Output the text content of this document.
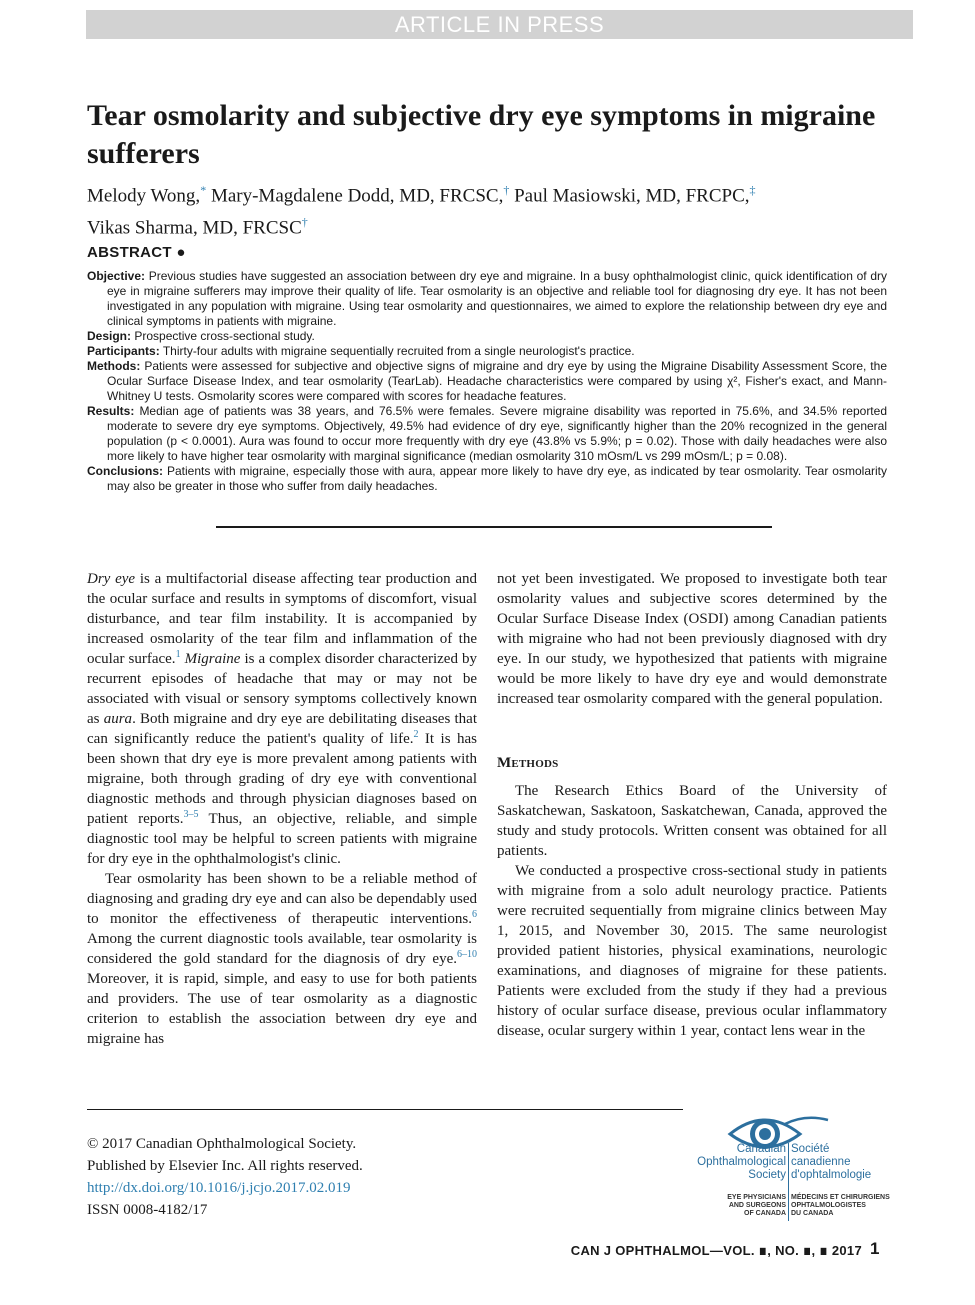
ARTICLE IN PRESS
Tear osmolarity and subjective dry eye symptoms in migraine sufferers
Melody Wong,* Mary-Magdalene Dodd, MD, FRCSC,† Paul Masiowski, MD, FRCPC,‡
Vikas Sharma, MD, FRCSC†
ABSTRACT ●

Objective: Previous studies have suggested an association between dry eye and migraine. In a busy ophthalmologist clinic, quick identification of dry eye in migraine sufferers may improve their quality of life. Tear osmolarity is an objective and reliable tool for diagnosing dry eye. It has not been investigated in any population with migraine. Using tear osmolarity and questionnaires, we aimed to explore the relationship between dry eye and clinical symptoms in patients with migraine.

Design: Prospective cross-sectional study.

Participants: Thirty-four adults with migraine sequentially recruited from a single neurologist's practice.

Methods: Patients were assessed for subjective and objective signs of migraine and dry eye by using the Migraine Disability Assessment Score, the Ocular Surface Disease Index, and tear osmolarity (TearLab). Headache characteristics were compared by using χ², Fisher's exact, and Mann-Whitney U tests. Osmolarity scores were compared with scores for headache features.

Results: Median age of patients was 38 years, and 76.5% were females. Severe migraine disability was reported in 75.6%, and 34.5% reported moderate to severe dry eye symptoms. Objectively, 49.5% had evidence of dry eye, significantly higher than the 20% recognized in the general population (p < 0.0001). Aura was found to occur more frequently with dry eye (43.8% vs 5.9%; p = 0.02). Those with daily headaches were also more likely to have higher tear osmolarity with marginal significance (median osmolarity 310 mOsm/L vs 299 mOsm/L; p = 0.08).

Conclusions: Patients with migraine, especially those with aura, appear more likely to have dry eye, as indicated by tear osmolarity. Tear osmolarity may also be greater in those who suffer from daily headaches.

Dry eye is a multifactorial disease affecting tear production and the ocular surface and results in symptoms of discomfort, visual disturbance, and tear film instability. It is accompanied by increased osmolarity of the tear film and inflammation of the ocular surface.$^1$ Migraine is a complex disorder characterized by recurrent episodes of headache that may or may not be associated with visual or sensory symptoms collectively known as aura. Both migraine and dry eye are debilitating diseases that can significantly reduce the patient's quality of life.$^2$ It is has been shown that dry eye is more prevalent among patients with migraine, both through grading of dry eye with conventional diagnostic methods and through physician diagnoses based on patient reports.$^{3-5}$ Thus, an objective, reliable, and simple diagnostic tool may be helpful to screen patients with migraine for dry eye in the ophthalmologist's clinic.

Tear osmolarity has been shown to be a reliable method of diagnosing and grading dry eye and can also be dependably used to monitor the effectiveness of therapeutic interventions.$^6$ Among the current diagnostic tools available, tear osmolarity is considered the gold standard for the diagnosis of dry eye.$^{6-10}$ Moreover, it is rapid, simple, and easy to use for both patients and providers. The use of tear osmolarity as a diagnostic criterion to establish the association between dry eye and migraine has

not yet been investigated. We proposed to investigate both tear osmolarity values and subjective scores determined by the Ocular Surface Disease Index (OSDI) among Canadian patients with migraine who had not been previously diagnosed with dry eye. In our study, we hypothesized that patients with migraine would be more likely to have dry eye and would demonstrate increased tear osmolarity compared with the general population.

Methods

The Research Ethics Board of the University of Saskatchewan, Saskatoon, Saskatchewan, Canada, approved the study and study protocols. Written consent was obtained for all patients.

We conducted a prospective cross-sectional study in patients with migraine from a solo adult neurology practice. Patients were recruited sequentially from migraine clinics between May 1, 2015, and November 30, 2015. The same neurologist provided patient histories, physical examinations, neurologic examinations, and diagnoses of migraine for these patients. Patients were excluded from the study if they had a previous history of ocular surface disease, previous ocular inflammatory disease, ocular surgery within 1 year, contact lens wear in the

© 2017 Canadian Ophthalmological Society.
Published by Elsevier Inc. All rights reserved.
http://dx.doi.org/10.1016/j.jcjo.2017.02.019
ISSN 0008-4182/17
Canadian
Ophthalmological
Society
Société
canadienne
d'ophtalmologie
EYE PHYSICIANS
AND SURGEONS
OF CANADA
MÉDECINS ET CHIRURGIENS
OPHTALMOLOGISTES
DU CANADA
CAN J OPHTHALMOL—VOL. ∎, NO. ∎, ∎ 2017 1
